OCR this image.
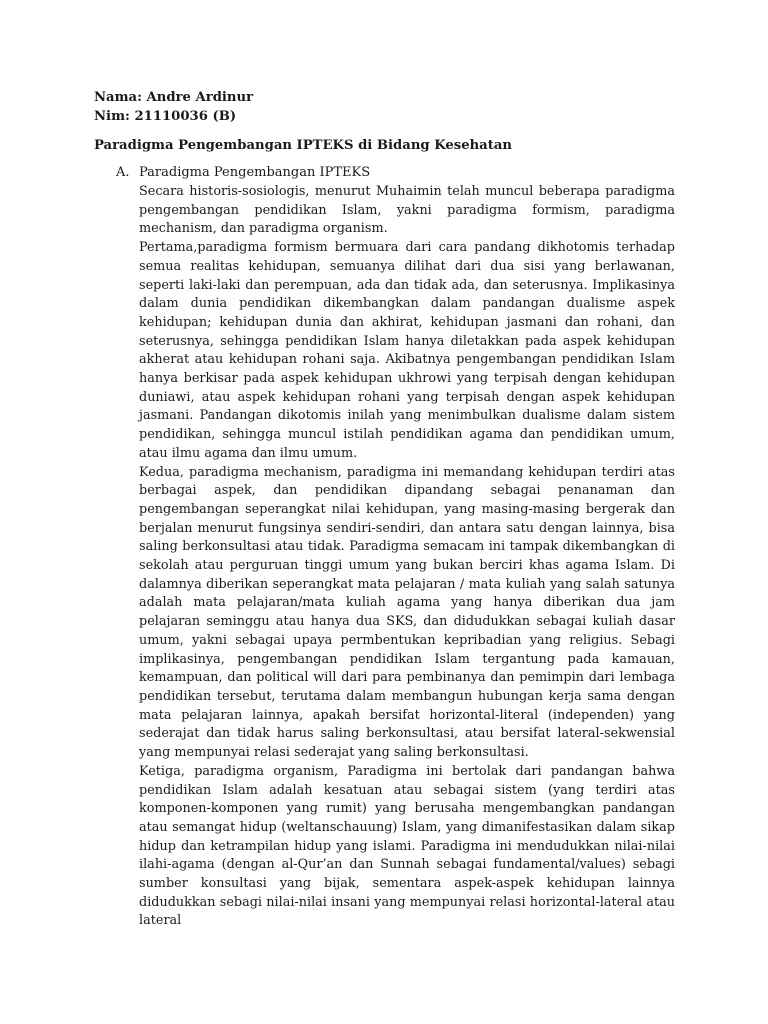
Nama: Andre Ardinur
Nim: 21110036 (B)
Paradigma Pengembangan IPTEKS di Bidang Kesehatan
A. Paradigma Pengembangan IPTEKS

Secara historis-sosiologis, menurut Muhaimin telah muncul beberapa paradigma pengembangan pendidikan Islam, yakni paradigma formism, paradigma mechanism, dan paradigma organism.

Pertama,paradigma formism bermuara dari cara pandang dikhotomis terhadap semua realitas kehidupan, semuanya dilihat dari dua sisi yang berlawanan, seperti laki-laki dan perempuan, ada dan tidak ada, dan seterusnya. Implikasinya dalam dunia pendidikan dikembangkan dalam pandangan dualisme aspek kehidupan; kehidupan dunia dan akhirat, kehidupan jasmani dan rohani, dan seterusnya, sehingga pendidikan Islam hanya diletakkan pada aspek kehidupan akherat atau kehidupan rohani saja. Akibatnya pengembangan pendidikan Islam hanya berkisar pada aspek kehidupan ukhrowi yang terpisah dengan kehidupan duniawi, atau aspek kehidupan rohani yang terpisah dengan aspek kehidupan jasmani. Pandangan dikotomis inilah yang menimbulkan dualisme dalam sistem pendidikan, sehingga muncul istilah pendidikan agama dan pendidikan umum, atau ilmu agama dan ilmu umum.

Kedua, paradigma mechanism, paradigma ini memandang kehidupan terdiri atas berbagai aspek, dan pendidikan dipandang sebagai penanaman dan pengembangan seperangkat nilai kehidupan, yang masing-masing bergerak dan berjalan menurut fungsinya sendiri-sendiri, dan antara satu dengan lainnya, bisa saling berkonsultasi atau tidak. Paradigma semacam ini tampak dikembangkan di sekolah atau perguruan tinggi umum yang bukan berciri khas agama Islam. Di dalamnya diberikan seperangkat mata pelajaran / mata kuliah yang salah satunya adalah mata pelajaran/mata kuliah agama yang hanya diberikan dua jam pelajaran seminggu atau hanya dua SKS, dan didudukkan sebagai kuliah dasar umum, yakni sebagai upaya permbentukan kepribadian yang religius. Sebagi implikasinya, pengembangan pendidikan Islam tergantung pada kamauan, kemampuan, dan political will dari para pembinanya dan pemimpin dari lembaga pendidikan tersebut, terutama dalam membangun hubungan kerja sama dengan mata pelajaran lainnya, apakah bersifat horizontal-literal (independen) yang sederajat dan tidak harus saling berkonsultasi, atau bersifat lateral-sekwensial yang mempunyai relasi sederajat yang saling berkonsultasi.

Ketiga, paradigma organism, Paradigma ini bertolak dari pandangan bahwa pendidikan Islam adalah kesatuan atau sebagai sistem (yang terdiri atas komponen-komponen yang rumit) yang berusaha mengembangkan pandangan atau semangat hidup (weltanschauung) Islam, yang dimanifestasikan dalam sikap hidup dan ketrampilan hidup yang islami. Paradigma ini mendudukkan nilai-nilai ilahi-agama (dengan al-Qur’an dan Sunnah sebagai fundamental/values) sebagi sumber konsultasi yang bijak, sementara aspek-aspek kehidupan lainnya didudukkan sebagi nilai-nilai insani yang mempunyai relasi horizontal-lateral atau lateral
